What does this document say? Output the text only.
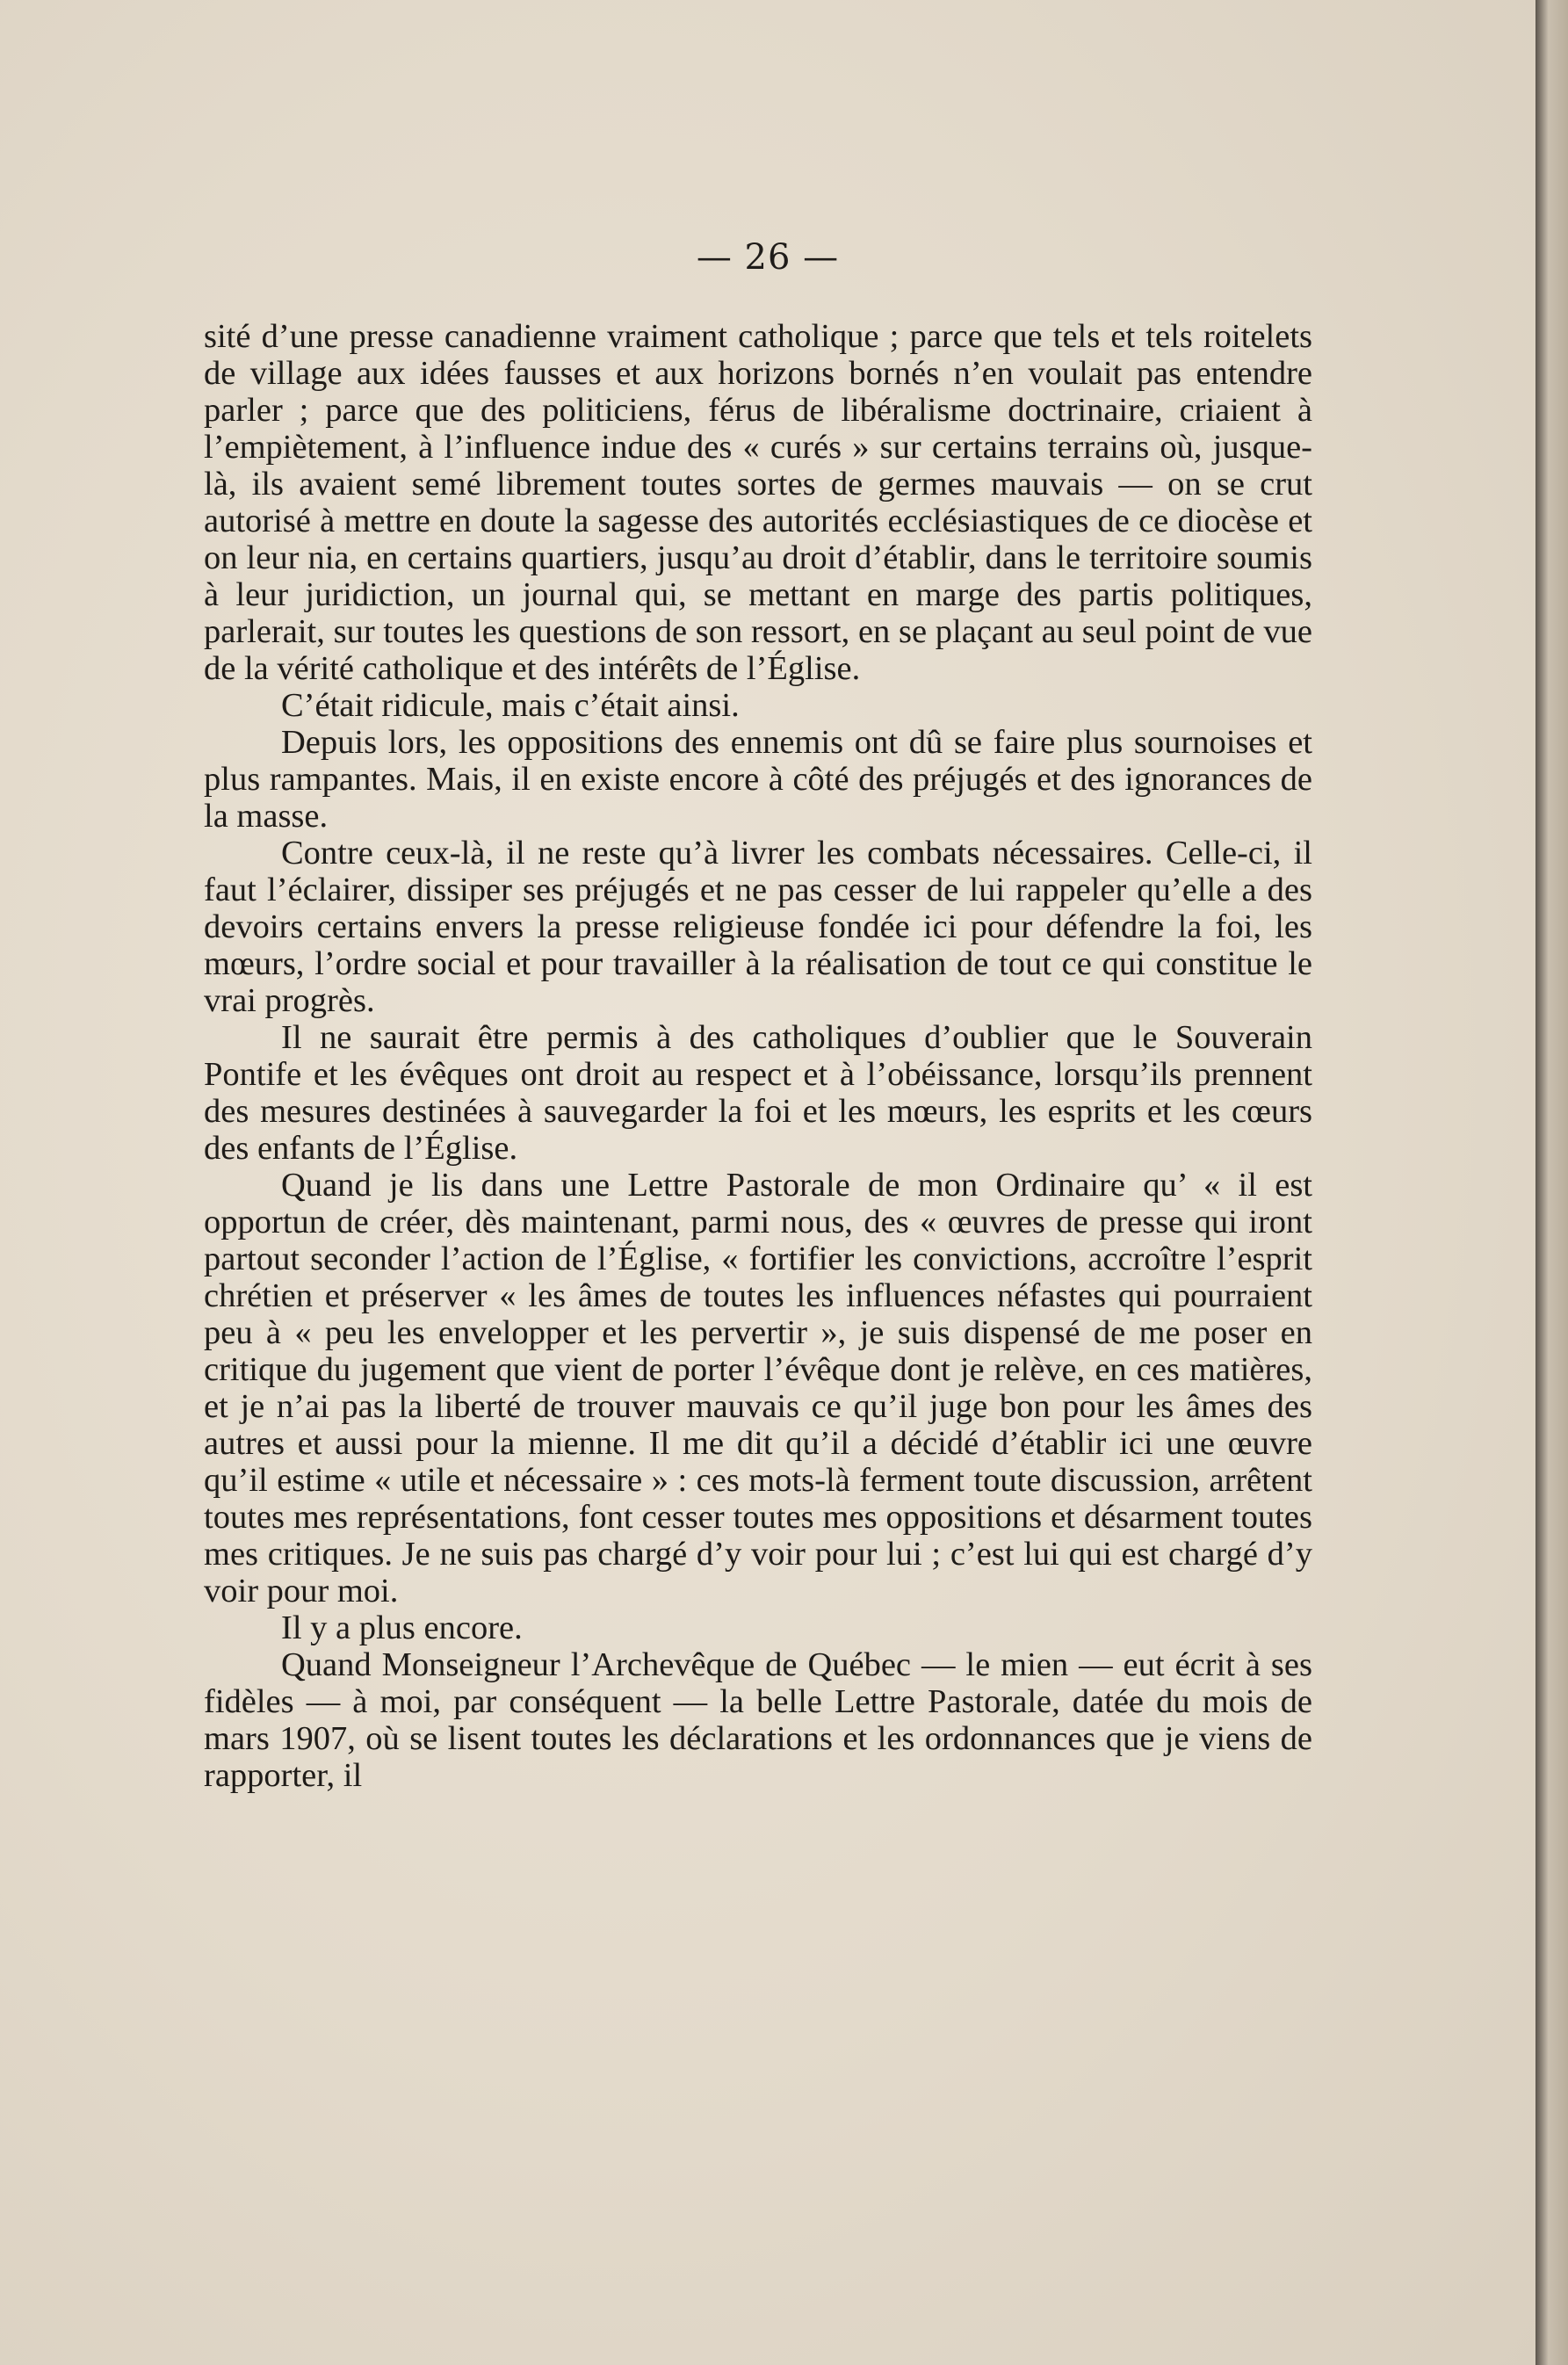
— 26 —

sité d’une presse canadienne vraiment catholique ; parce que tels et tels roitelets de village aux idées fausses et aux horizons bornés n’en voulait pas entendre parler ; parce que des politiciens, férus de libéralisme doctrinaire, criaient à l’empiètement, à l’influence indue des « curés » sur certains terrains où, jusque-là, ils avaient semé librement toutes sortes de germes mauvais — on se crut autorisé à mettre en doute la sagesse des autorités ecclésiastiques de ce diocèse et on leur nia, en certains quartiers, jusqu’au droit d’établir, dans le territoire soumis à leur juridiction, un journal qui, se mettant en marge des partis politiques, parlerait, sur toutes les questions de son ressort, en se plaçant au seul point de vue de la vérité catholique et des intérêts de l’Église.

C’était ridicule, mais c’était ainsi.

Depuis lors, les oppositions des ennemis ont dû se faire plus sournoises et plus rampantes. Mais, il en existe encore à côté des préjugés et des ignorances de la masse.

Contre ceux-là, il ne reste qu’à livrer les combats nécessaires. Celle-ci, il faut l’éclairer, dissiper ses préjugés et ne pas cesser de lui rappeler qu’elle a des devoirs certains envers la presse religieuse fondée ici pour défendre la foi, les mœurs, l’ordre social et pour travailler à la réalisation de tout ce qui constitue le vrai progrès.

Il ne saurait être permis à des catholiques d’oublier que le Souverain Pontife et les évêques ont droit au respect et à l’obéissance, lorsqu’ils prennent des mesures destinées à sauvegarder la foi et les mœurs, les esprits et les cœurs des enfants de l’Église.

Quand je lis dans une Lettre Pastorale de mon Ordinaire qu’ « il est opportun de créer, dès maintenant, parmi nous, des « œuvres de presse qui iront partout seconder l’action de l’Église, « fortifier les convictions, accroître l’esprit chrétien et préserver « les âmes de toutes les influences néfastes qui pourraient peu à « peu les envelopper et les pervertir », je suis dispensé de me poser en critique du jugement que vient de porter l’évêque dont je relève, en ces matières, et je n’ai pas la liberté de trouver mauvais ce qu’il juge bon pour les âmes des autres et aussi pour la mienne. Il me dit qu’il a décidé d’établir ici une œuvre qu’il estime « utile et nécessaire » : ces mots-là ferment toute discussion, arrêtent toutes mes représentations, font cesser toutes mes oppositions et désarment toutes mes critiques. Je ne suis pas chargé d’y voir pour lui ; c’est lui qui est chargé d’y voir pour moi.

Il y a plus encore.

Quand Monseigneur l’Archevêque de Québec — le mien — eut écrit à ses fidèles — à moi, par conséquent — la belle Lettre Pastorale, datée du mois de mars 1907, où se lisent toutes les déclarations et les ordonnances que je viens de rapporter, il
